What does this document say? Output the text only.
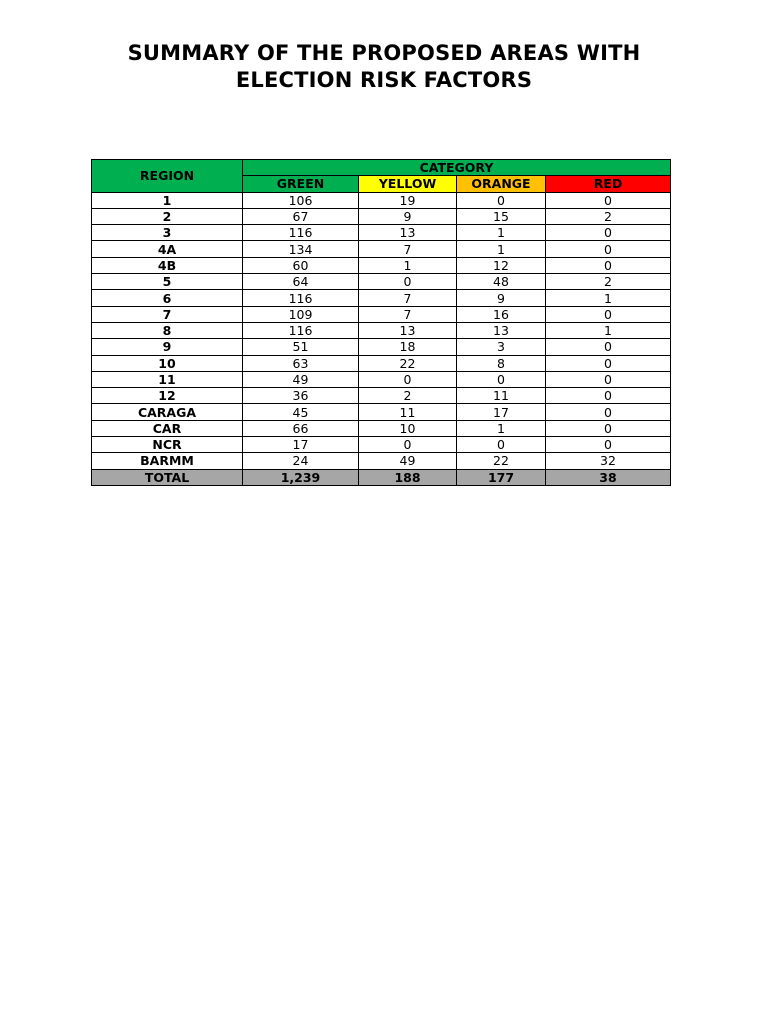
SUMMARY OF THE PROPOSED AREAS WITH
ELECTION RISK FACTORS
REGION	CATEGORY			
	GREEN	YELLOW	ORANGE	RED
1	106	19	0	0
2	67	9	15	2
3	116	13	1	0
4A	134	7	1	0
4B	60	1	12	0
5	64	0	48	2
6	116	7	9	1
7	109	7	16	0
8	116	13	13	1
9	51	18	3	0
10	63	22	8	0
11	49	0	0	0
12	36	2	11	0
CARAGA	45	11	17	0
CAR	66	10	1	0
NCR	17	0	0	0
BARMM	24	49	22	32
TOTAL	1,239	188	177	38
